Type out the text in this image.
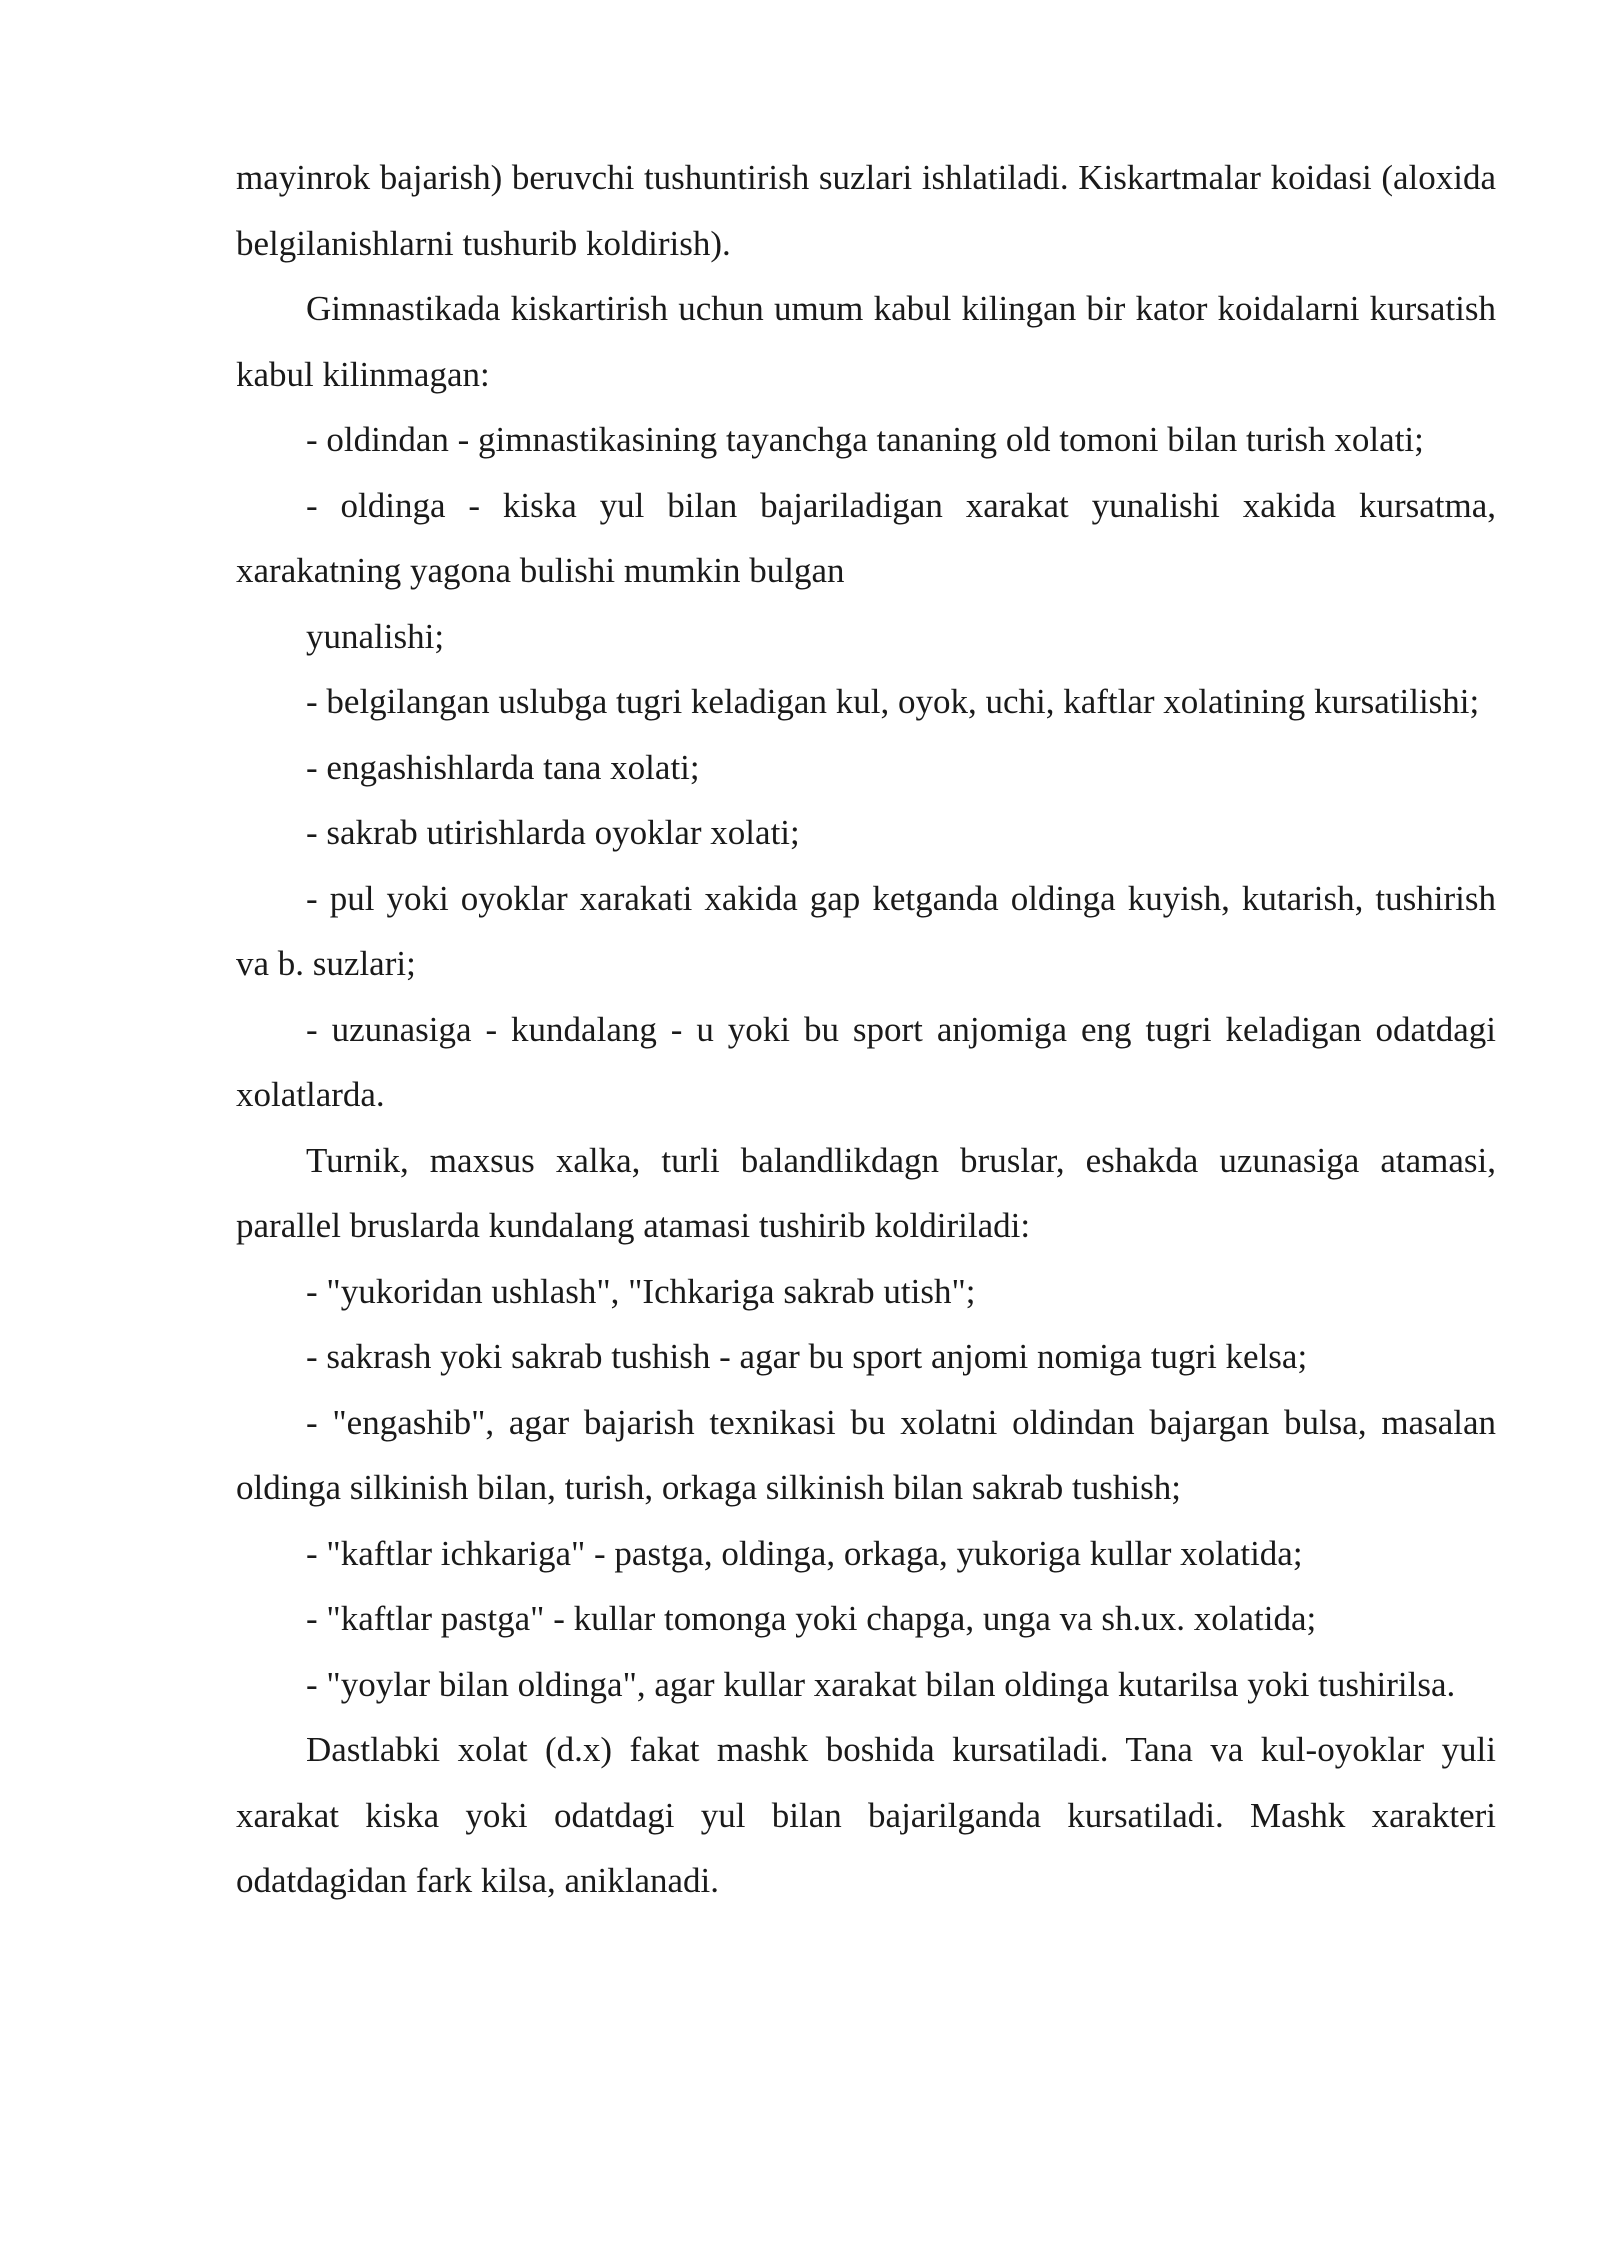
mayinrok bajarish) beruvchi tushuntirish suzlari ishlatiladi. Kiskartmalar koidasi (aloxida belgilanishlarni tushurib koldirish).

Gimnastikada kiskartirish uchun umum kabul kilingan bir kator koidalarni kursatish kabul kilinmagan:

- oldindan - gimnastikasining tayanchga tananing old tomoni bilan turish xolati;

- oldinga - kiska yul bilan bajariladigan xarakat yunalishi xakida kursatma, xarakatning yagona bulishi mumkin bulgan

yunalishi;

- belgilangan uslubga tugri keladigan kul, oyok, uchi, kaftlar xolatining kursatilishi;

- engashishlarda tana xolati;

- sakrab utirishlarda oyoklar xolati;

- pul yoki oyoklar xarakati xakida gap ketganda oldinga kuyish, kutarish, tushirish va b. suzlari;

- uzunasiga - kundalang - u yoki bu sport anjomiga eng tugri keladigan odatdagi xolatlarda.

Turnik, maxsus xalka, turli balandlikdagn bruslar, eshakda uzunasiga atamasi, parallel bruslarda kundalang atamasi tushirib koldiriladi:

- "yukoridan ushlash", "Ichkariga sakrab utish";

- sakrash yoki sakrab tushish - agar bu sport anjomi nomiga tugri kelsa;

- "engashib", agar bajarish texnikasi bu xolatni oldindan bajargan bulsa, masalan oldinga silkinish bilan, turish, orkaga silkinish bilan sakrab tushish;

- "kaftlar ichkariga" - pastga, oldinga, orkaga, yukoriga kullar xolatida;

- "kaftlar pastga" - kullar tomonga yoki chapga, unga va sh.ux. xolatida;

- "yoylar bilan oldinga", agar kullar xarakat bilan oldinga kutarilsa yoki tushirilsa.

Dastlabki xolat (d.x) fakat mashk boshida kursatiladi. Tana va kul-oyoklar yuli xarakat kiska yoki odatdagi yul bilan bajarilganda kursatiladi. Mashk xarakteri odatdagidan fark kilsa, aniklanadi.
